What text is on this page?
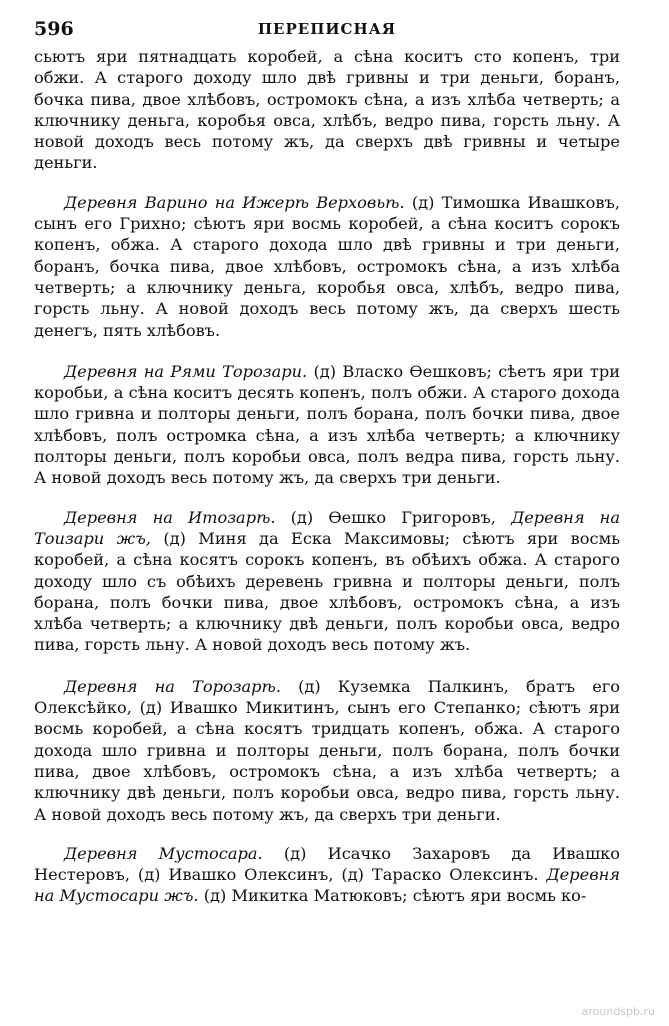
596	ПЕРЕПИСНАЯ

сьютъ яри пятнадцать коробей, а сѣна коситъ сто копенъ, три обжи. А старого доходу шло двѣ гривны и три деньги, боранъ, бочка пива, двое хлѣбовъ, остромокъ сѣна, а изъ хлѣба четверть; а ключнику деньга, коробья овса, хлѣбъ, ведро пива, горсть льну. А новой доходъ весь потому жъ, да сверхъ двѣ гривны и четыре деньги.

Деревня Варино на Ижерѣ Верховьѣ. (д) Тимошка Ивашковъ, сынъ его Грихно; сѣютъ яри восмь коробей, а сѣна коситъ сорокъ копенъ, обжа. А старого дохода шло двѣ гривны и три деньги, боранъ, бочка пива, двое хлѣбовъ, остромокъ сѣна, а изъ хлѣба четверть; а ключнику деньга, коробья овса, хлѣбъ, ведро пива, горсть льну. А новой доходъ весь потому жъ, да сверхъ шесть денегъ, пять хлѣбовъ.

Деревня на Рями Торозари. (д) Власко Ѳешковъ; сѣетъ яри три коробьи, а сѣна коситъ десять копенъ, полъ обжи. А старого дохода шло гривна и полторы деньги, полъ борана, полъ бочки пива, двое хлѣбовъ, полъ остромка сѣна, а изъ хлѣба четверть; а ключнику полторы деньги, полъ коробьи овса, полъ ведра пива, горсть льну. А новой доходъ весь потому жъ, да сверхъ три деньги.

Деревня на Итозарѣ. (д) Ѳешко Григоровъ, Деревня на Тоизари жъ, (д) Миня да Еска Максимовы; сѣютъ яри восмь коробей, а сѣна косятъ сорокъ копенъ, въ обѣихъ обжа. А старого доходу шло съ обѣихъ деревень гривна и полторы деньги, полъ борана, полъ бочки пива, двое хлѣбовъ, остромокъ сѣна, а изъ хлѣба четверть; а ключнику двѣ деньги, полъ коробьи овса, ведро пива, горсть льну. А новой доходъ весь потому жъ.

Деревня на Торозарѣ. (д) Куземка Палкинъ, братъ его Олексѣйко, (д) Ивашко Микитинъ, сынъ его Степанко; сѣютъ яри восмь коробей, а сѣна косятъ тридцать копенъ, обжа. А старого дохода шло гривна и полторы деньги, полъ борана, полъ бочки пива, двое хлѣбовъ, остромокъ сѣна, а изъ хлѣба четверть; а ключнику двѣ деньги, полъ коробьи овса, ведро пива, горсть льну. А новой доходъ весь потому жъ, да сверхъ три деньги.

Деревня Мустосара. (д) Исачко Захаровъ да Ивашко Нестеровъ, (д) Ивашко Олексинъ, (д) Тараско Олексинъ. Деревня на Мустосари жъ. (д) Микитка Матюковъ; сѣютъ яри восмь ко-

aroundspb.ru
